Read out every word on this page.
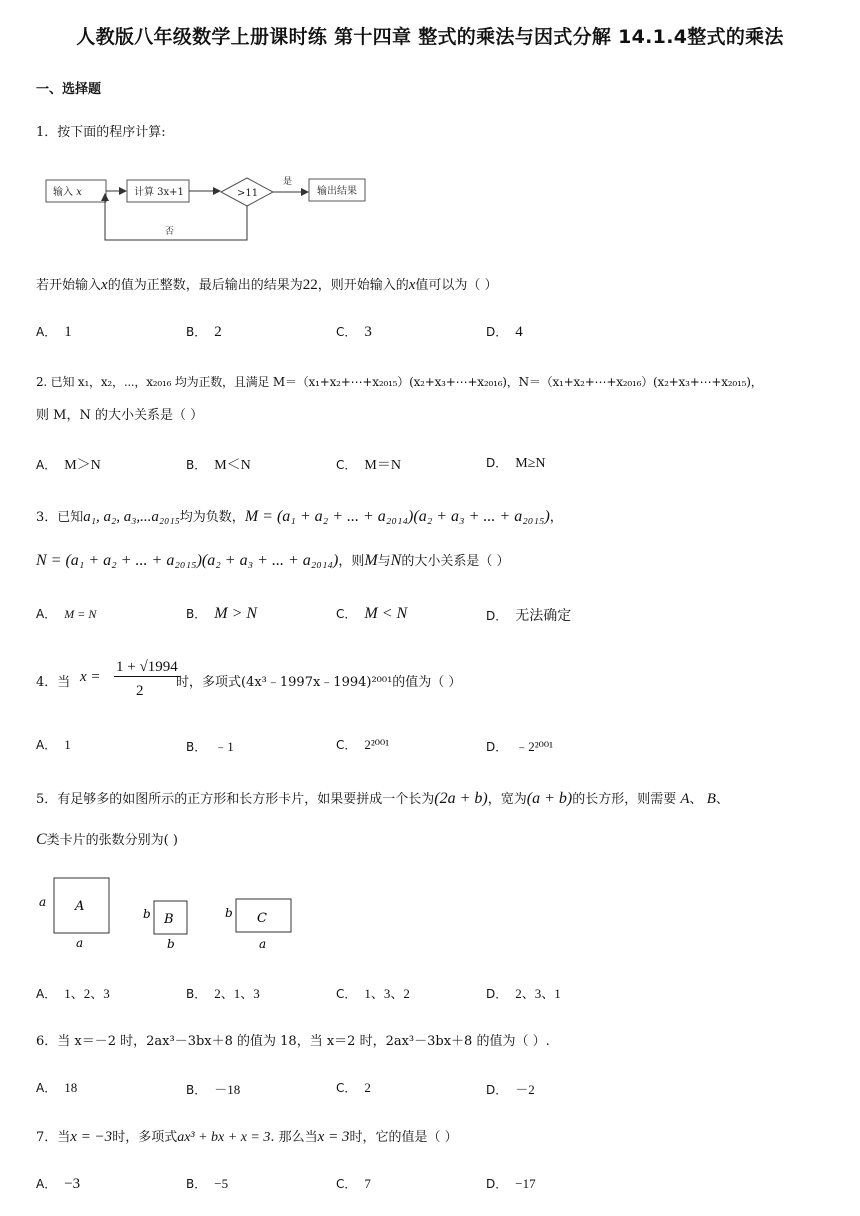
人教版八年级数学上册课时练 第十四章 整式的乘法与因式分解 14.1.4整式的乘法
一、选择题
1．按下面的程序计算:
输入 x	计算 3x+1	>11
是
输出结果
否
若开始输入x的值为正整数，最后输出的结果为22，则开始输入的x值可以为（ ）
A． 1	B． 2	C． 3	D． 4
2. 已知 x₁，x₂，⋯，x₂₀₁₆ 均为正数，且满足 M＝（x₁+x₂+⋯+x₂₀₁₅）(x₂+x₃+⋯+x₂₀₁₆)，N＝（x₁+x₂+⋯+x₂₀₁₆）(x₂+x₃+⋯+x₂₀₁₅)，
则 M，N 的大小关系是（ ）
A． M＞N	B． M＜N	C． M＝N	D． M≥N
3．已知a₁, a₂, a₃,...a₂₀₁₅均为负数，M = (a₁ + a₂ + ... + a₂₀₁₄)(a₂ + a₃ + ... + a₂₀₁₅)，
N = (a₁ + a₂ + ... + a₂₀₁₅)(a₂ + a₃ + ... + a₂₀₁₄)，则M与N的大小关系是（ ）
A． M = N	B． M > N	C． M < N	D． 无法确定
4．当 x =
1 + √1994
2
时，多项式(4x³﹣1997x﹣1994)²⁰⁰¹的值为（ ）
A． 1	B． ﹣1	C． 2²⁰⁰¹	D． ﹣2²⁰⁰¹
5．有足够多的如图所示的正方形和长方形卡片，如果要拼成一个长为(2a + b)，宽为(a + b)的长方形，则需要 A、 B、
C类卡片的张数分别为( )
A
a
a
B
b
b
C
b
a
A． 1、2、3	B． 2、1、3	C． 1、3、2	D． 2、3、1
6．当 x＝－2 时，2ax³－3bx＋8 的值为 18，当 x＝2 时，2ax³－3bx＋8 的值为（ ）.
A． 18	B． －18	C． 2	D． －2
7．当x = −3时，多项式ax³ + bx + x = 3. 那么当x = 3时，它的值是（ ）
A． −3	B． −5	C． 7	D． −17
